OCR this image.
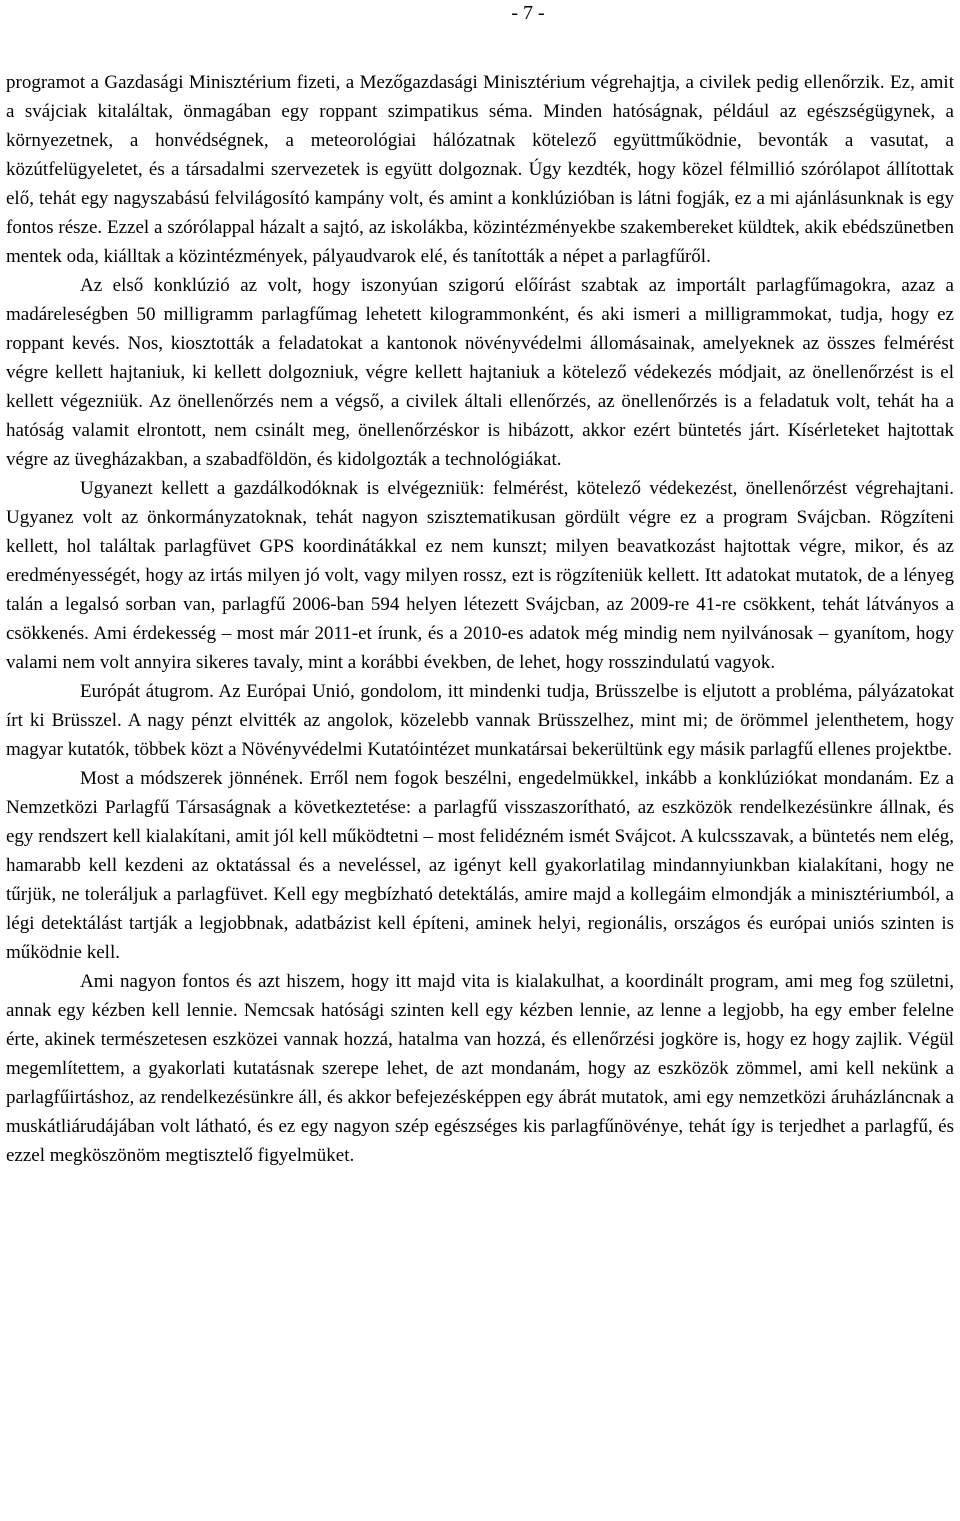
- 7 -

programot a Gazdasági Minisztérium fizeti, a Mezőgazdasági Minisztérium végrehajtja, a civilek pedig ellenőrzik. Ez, amit a svájciak kitaláltak, önmagában egy roppant szimpatikus séma. Minden hatóságnak, például az egészségügynek, a környezetnek, a honvédségnek, a meteorológiai hálózatnak kötelező együttműködnie, bevonták a vasutat, a közútfelügyeletet, és a társadalmi szervezetek is együtt dolgoznak. Úgy kezdték, hogy közel félmillió szórólapot állítottak elő, tehát egy nagyszabású felvilágosító kampány volt, és amint a konklúzióban is látni fogják, ez a mi ajánlásunknak is egy fontos része. Ezzel a szórólappal házalt a sajtó, az iskolákba, közintézményekbe szakembereket küldtek, akik ebédszünetben mentek oda, kiálltak a közintézmények, pályaudvarok elé, és tanították a népet a parlagfűről.

Az első konklúzió az volt, hogy iszonyúan szigorú előírást szabtak az importált parlagfűmagokra, azaz a madáreleségben 50 milligramm parlagfűmag lehetett kilogrammonként, és aki ismeri a milligrammokat, tudja, hogy ez roppant kevés. Nos, kiosztották a feladatokat a kantonok növényvédelmi állomásainak, amelyeknek az összes felmérést végre kellett hajtaniuk, ki kellett dolgozniuk, végre kellett hajtaniuk a kötelező védekezés módjait, az önellenőrzést is el kellett végezniük. Az önellenőrzés nem a végső, a civilek általi ellenőrzés, az önellenőrzés is a feladatuk volt, tehát ha a hatóság valamit elrontott, nem csinált meg, önellenőrzéskor is hibázott, akkor ezért büntetés járt. Kísérleteket hajtottak végre az üvegházakban, a szabadföldön, és kidolgozták a technológiákat.

Ugyanezt kellett a gazdálkodóknak is elvégezniük: felmérést, kötelező védekezést, önellenőrzést végrehajtani. Ugyanez volt az önkormányzatoknak, tehát nagyon szisztematikusan gördült végre ez a program Svájcban. Rögzíteni kellett, hol találtak parlagfüvet GPS koordinátákkal ez nem kunszt; milyen beavatkozást hajtottak végre, mikor, és az eredményességét, hogy az irtás milyen jó volt, vagy milyen rossz, ezt is rögzíteniük kellett. Itt adatokat mutatok, de a lényeg talán a legalsó sorban van, parlagfű 2006-ban 594 helyen létezett Svájcban, az 2009-re 41-re csökkent, tehát látványos a csökkenés. Ami érdekesség – most már 2011-et írunk, és a 2010-es adatok még mindig nem nyilvánosak – gyanítom, hogy valami nem volt annyira sikeres tavaly, mint a korábbi években, de lehet, hogy rosszindulatú vagyok.

Európát átugrom. Az Európai Unió, gondolom, itt mindenki tudja, Brüsszelbe is eljutott a probléma, pályázatokat írt ki Brüsszel. A nagy pénzt elvitték az angolok, közelebb vannak Brüsszelhez, mint mi; de örömmel jelenthetem, hogy magyar kutatók, többek közt a Növényvédelmi Kutatóintézet munkatársai bekerültünk egy másik parlagfű ellenes projektbe.

Most a módszerek jönnének. Erről nem fogok beszélni, engedelmükkel, inkább a konklúziókat mondanám. Ez a Nemzetközi Parlagfű Társaságnak a következtetése: a parlagfű visszaszorítható, az eszközök rendelkezésünkre állnak, és egy rendszert kell kialakítani, amit jól kell működtetni – most felidézném ismét Svájcot. A kulcsszavak, a büntetés nem elég, hamarabb kell kezdeni az oktatással és a neveléssel, az igényt kell gyakorlatilag mindannyiunkban kialakítani, hogy ne tűrjük, ne toleráljuk a parlagfüvet. Kell egy megbízható detektálás, amire majd a kollegáim elmondják a minisztériumból, a légi detektálást tartják a legjobbnak, adatbázist kell építeni, aminek helyi, regionális, országos és európai uniós szinten is működnie kell.

Ami nagyon fontos és azt hiszem, hogy itt majd vita is kialakulhat, a koordinált program, ami meg fog születni, annak egy kézben kell lennie. Nemcsak hatósági szinten kell egy kézben lennie, az lenne a legjobb, ha egy ember felelne érte, akinek természetesen eszközei vannak hozzá, hatalma van hozzá, és ellenőrzési jogköre is, hogy ez hogy zajlik. Végül megemlítettem, a gyakorlati kutatásnak szerepe lehet, de azt mondanám, hogy az eszközök zömmel, ami kell nekünk a parlagfűirtáshoz, az rendelkezésünkre áll, és akkor befejezésképpen egy ábrát mutatok, ami egy nemzetközi áruházláncnak a muskátliárudájában volt látható, és ez egy nagyon szép egészséges kis parlagfűnövénye, tehát így is terjedhet a parlagfű, és ezzel megköszönöm megtisztelő figyelmüket.
